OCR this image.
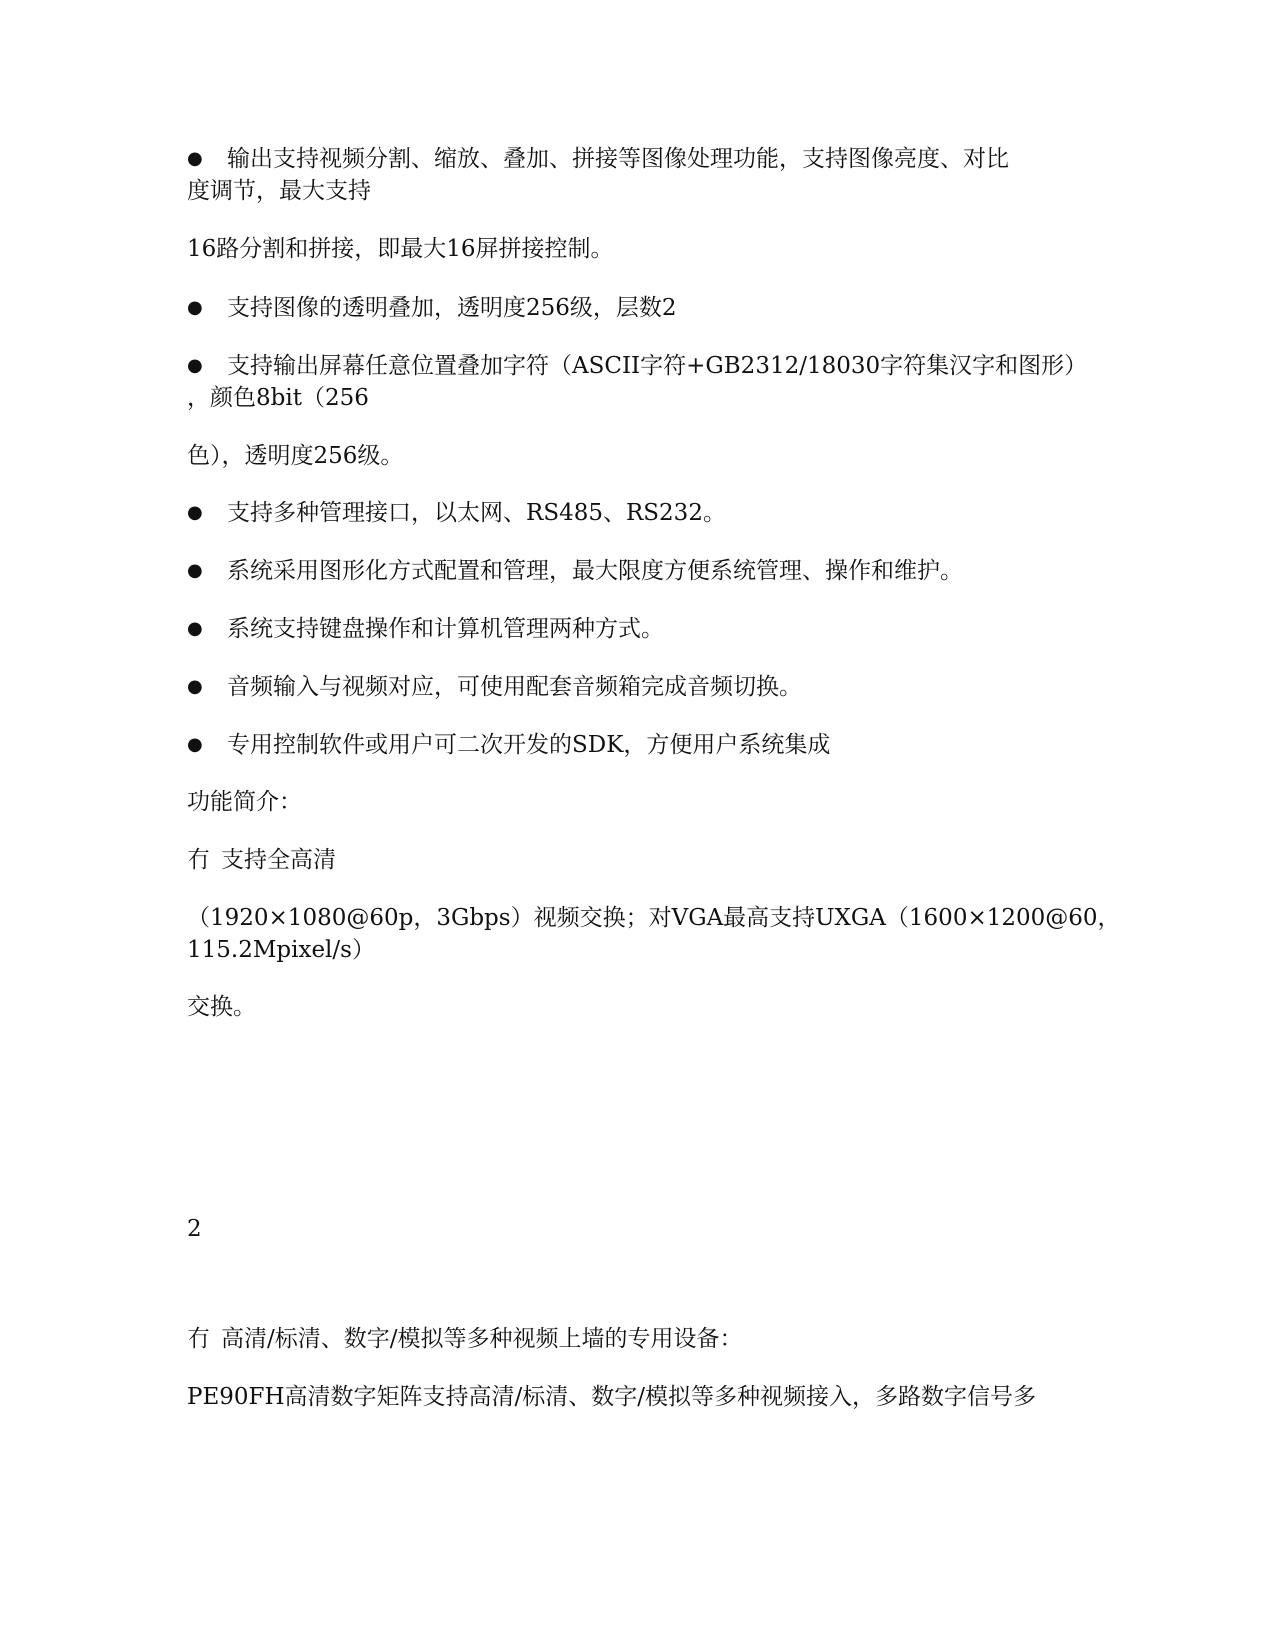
● 输出支持视频分割、缩放、叠加、拼接等图像处理功能，支持图像亮度、对比
度调节，最大支持
16路分割和拼接，即最大16屏拼接控制。
● 支持图像的透明叠加，透明度256级，层数2
● 支持输出屏幕任意位置叠加字符（ASCII字符+GB2312/18030字符集汉字和图形）
，颜色8bit（256
色），透明度256级。
● 支持多种管理接口，以太网、RS485、RS232。
● 系统采用图形化方式配置和管理，最大限度方便系统管理、操作和维护。
● 系统支持键盘操作和计算机管理两种方式。
● 音频输入与视频对应，可使用配套音频箱完成音频切换。
● 专用控制软件或用户可二次开发的SDK，方便用户系统集成
功能简介：
冇 支持全高清
（1920×1080@60p，3Gbps）视频交换；对VGA最高支持UXGA（1600×1200@60，
115.2Mpixel/s）
交换。
2
冇 高清/标清、数字/模拟等多种视频上墙的专用设备：
PE90FH高清数字矩阵支持高清/标清、数字/模拟等多种视频接入，多路数字信号多
